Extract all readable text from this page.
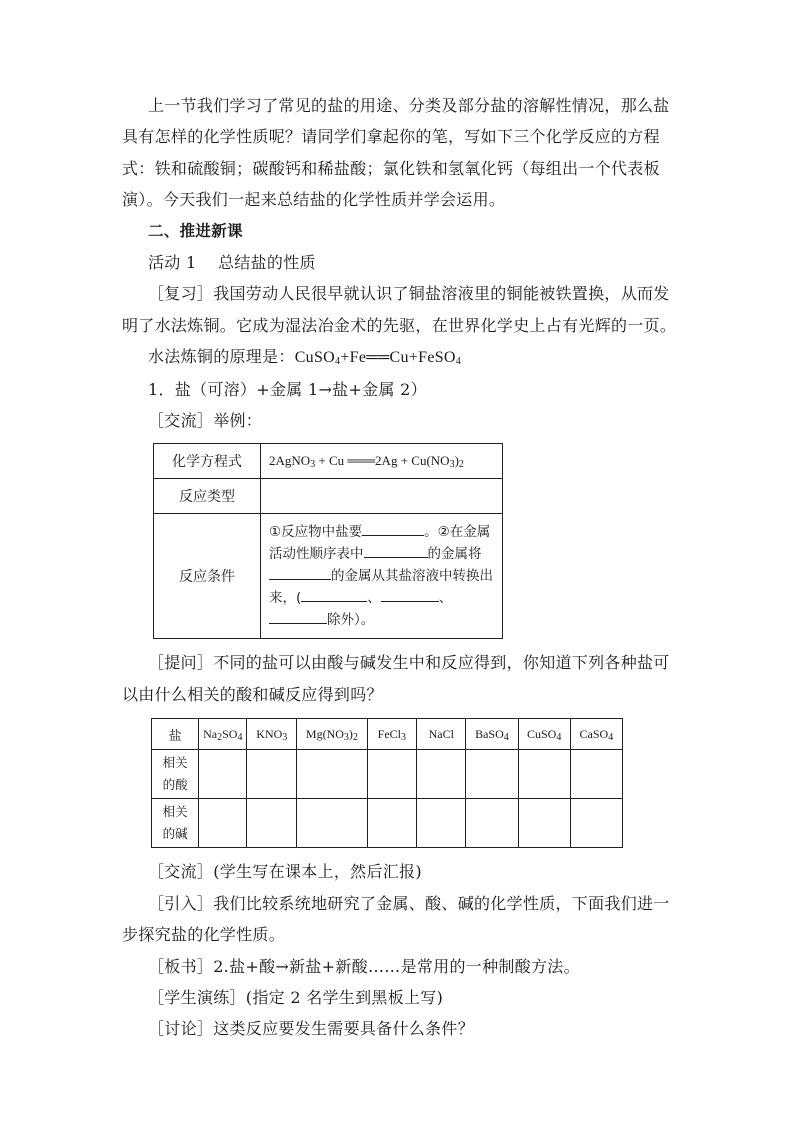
上一节我们学习了常见的盐的用途、分类及部分盐的溶解性情况，那么盐具有怎样的化学性质呢？请同学们拿起你的笔，写如下三个化学反应的方程式：铁和硫酸铜；碳酸钙和稀盐酸；氯化铁和氢氧化钙（每组出一个代表板演）。今天我们一起来总结盐的化学性质并学会运用。

二、推进新课

活动 1    总结盐的性质

［复习］我国劳动人民很早就认识了铜盐溶液里的铜能被铁置换，从而发明了水法炼铜。它成为湿法冶金术的先驱，在世界化学史上占有光辉的一页。

水法炼铜的原理是：CuSO$_4$+Fe══Cu+FeSO$_4$

1．盐（可溶）+金属 1→盐+金属 2）

［交流］举例：

化学方程式	2AgNO$_3$ + Cu ═══2Ag + $Cu(NO_3)_2$
反应类型	
反应条件	①反应物中盐要 。②在金属活动性顺序表中 的金属将的金属从其盐溶液中转换出来，( 、 、除外）。

［提问］不同的盐可以由酸与碱发生中和反应得到，你知道下列各种盐可以由什么相关的酸和碱反应得到吗？

盐	$Na_2SO_4$	$KNO_3$	$Mg(NO_3)_2$	FeCl$_3$	NaCl	BaSO$_4$	CuSO$_4$	CaSO$_4$
相关
的酸								
相关
的碱								

［交流］(学生写在课本上，然后汇报)

［引入］我们比较系统地研究了金属、酸、碱的化学性质，下面我们进一步探究盐的化学性质。

［板书］2.盐+酸→新盐+新酸……是常用的一种制酸方法。

［学生演练］(指定 2 名学生到黑板上写)

［讨论］这类反应要发生需要具备什么条件？
